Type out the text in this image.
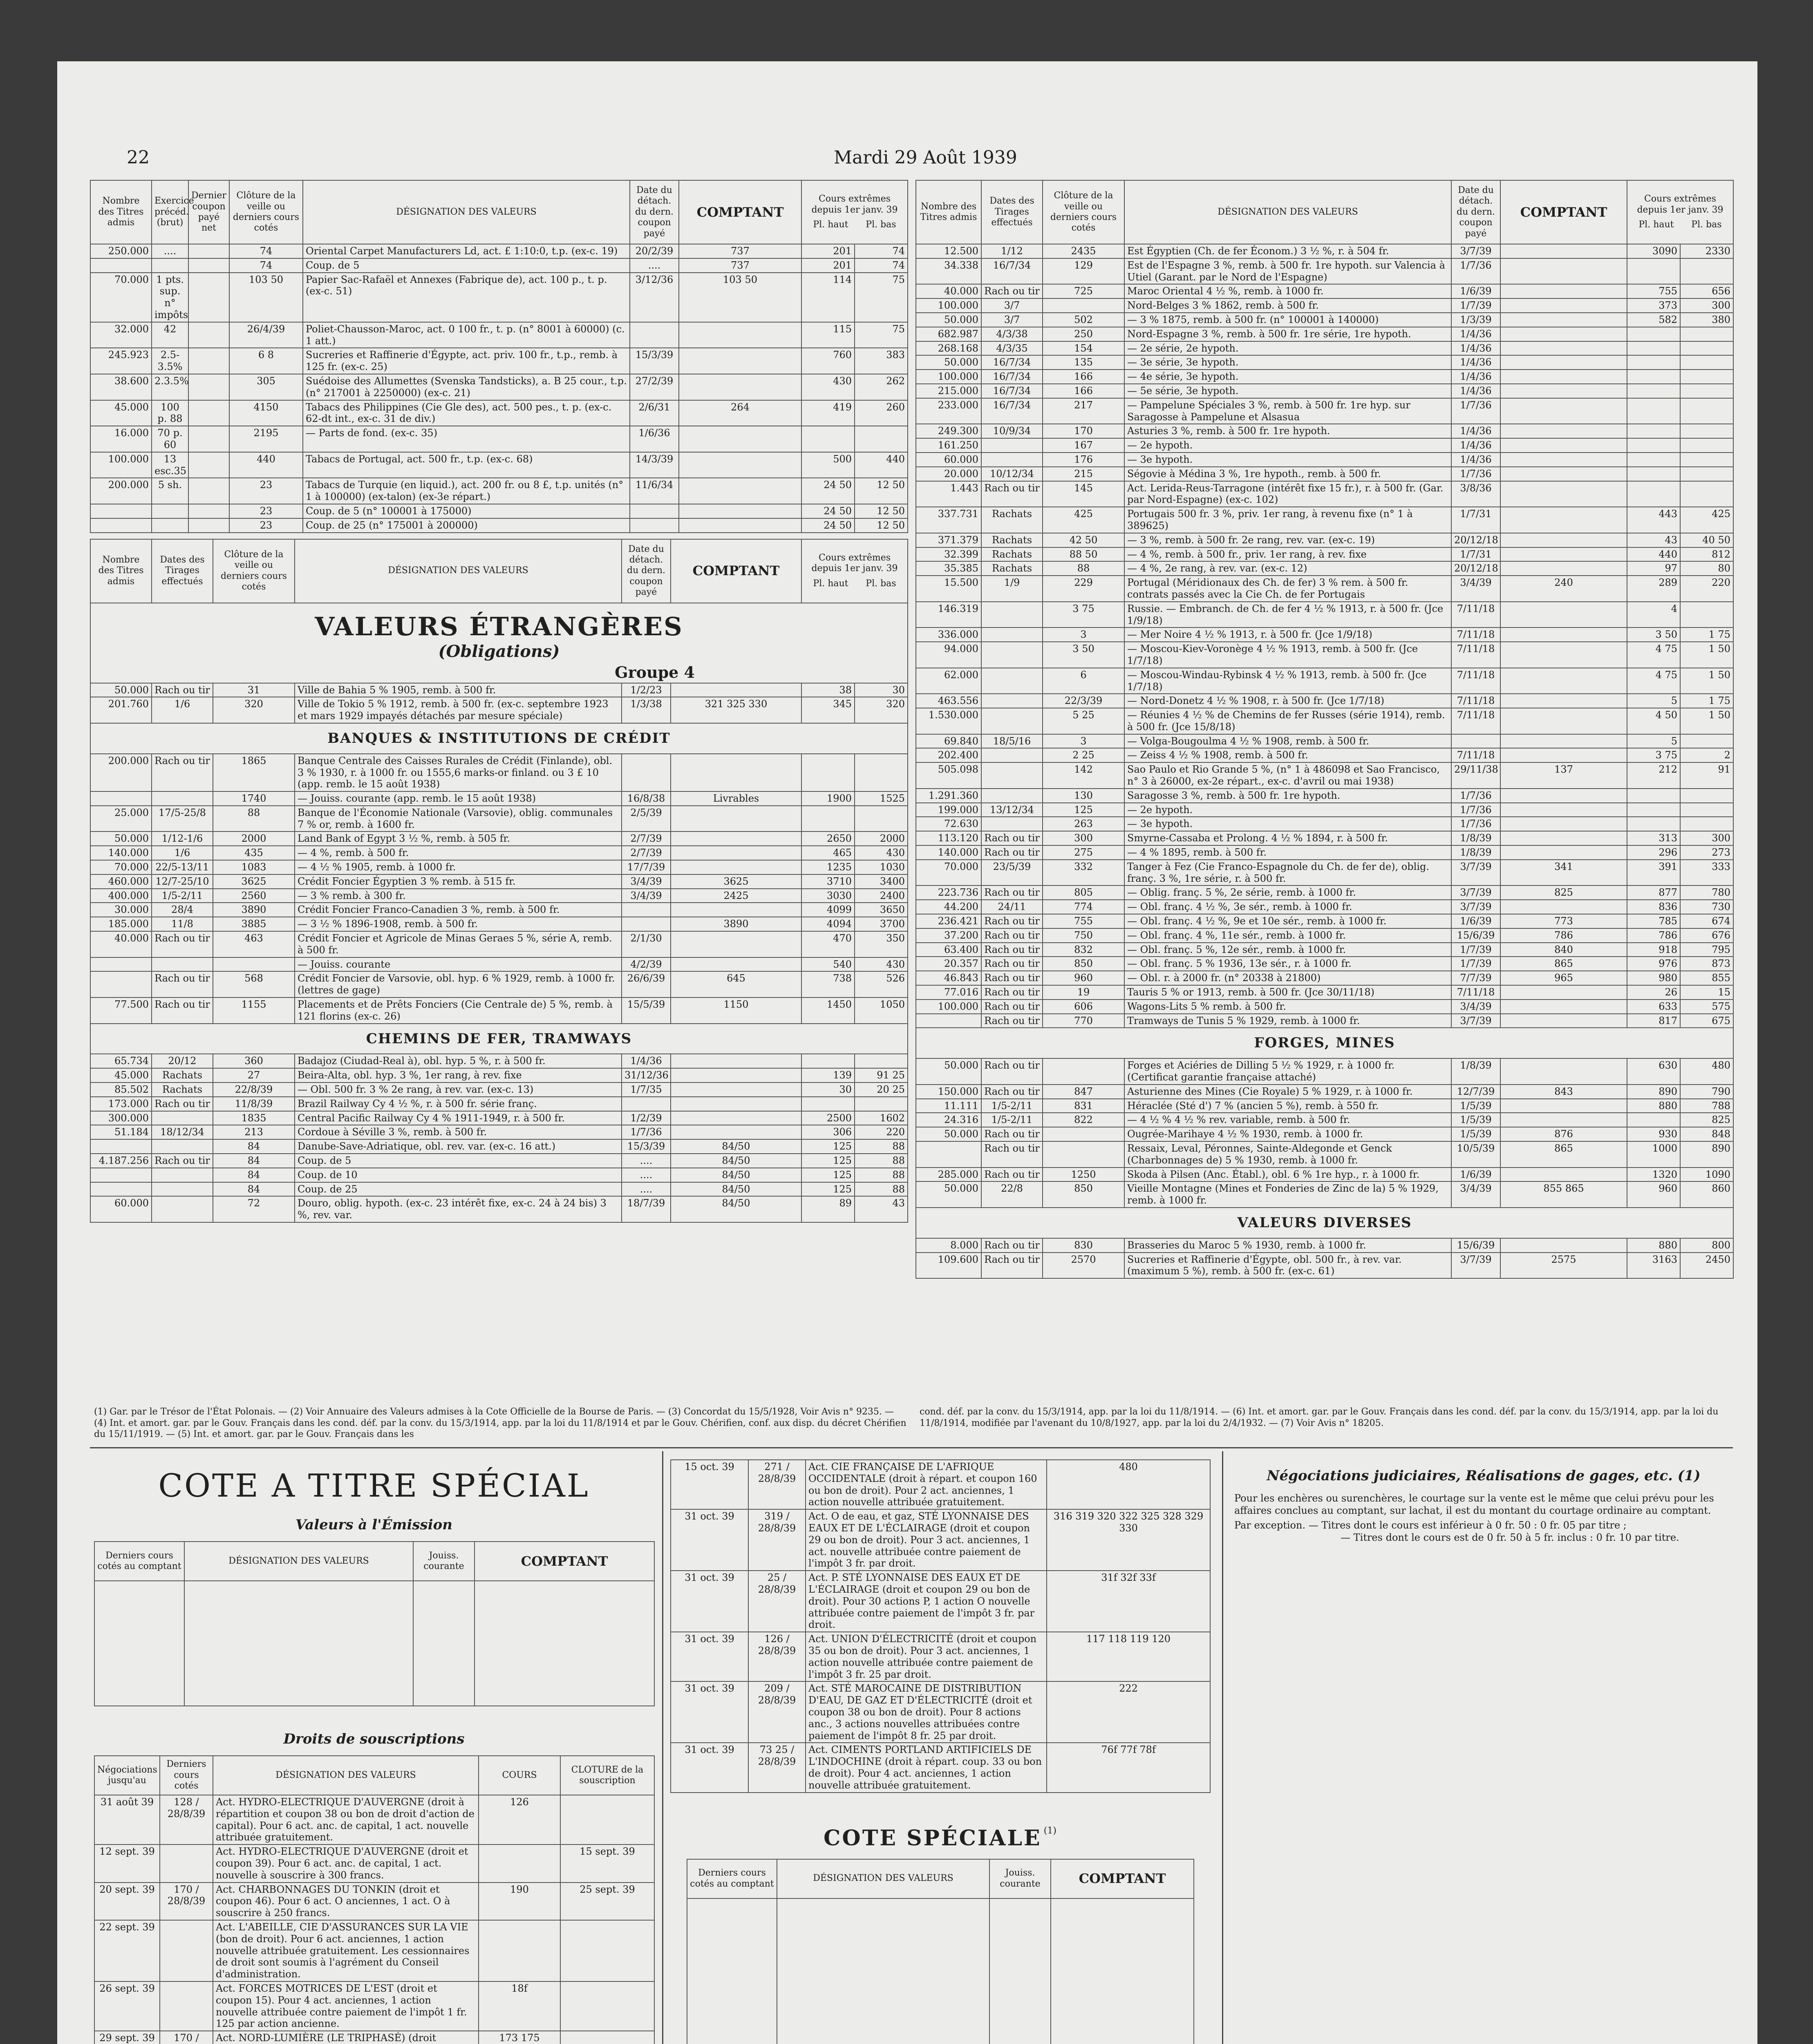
22	Mardi 29 Août 1939
Nombre des Titres admis	Exercice précéd. (brut)	Dernier coupon payé net	Clôture de la veille ou derniers cours cotés	DÉSIGNATION DES VALEURS	Date du détach. du dern. coupon payé	COMPTANT	Cours extrêmes depuis 1er janv. 39
Pl. haut Pl. bas	

250.000	....		74	Oriental Carpet Manufacturers Ld, act. £ 1:10:0, t.p. (ex-c. 19)	20/2/39	737	201	74
			74	Coup. de 5	....	737	201	74
70.000	1 pts. sup. n° impôts		103 50	Papier Sac-Rafaël et Annexes (Fabrique de), act. 100 p., t. p. (ex-c. 51)	3/12/36	103 50	114	75
32.000	42		26/4/39	Poliet-Chausson-Maroc, act. 0 100 fr., t. p. (n° 8001 à 60000) (c. 1 att.)			115	75
245.923	2.5-3.5%		6 8	Sucreries et Raffinerie d'Égypte, act. priv. 100 fr., t.p., remb. à 125 fr. (ex-c. 25)	15/3/39		760	383
38.600	2.3.5%		305	Suédoise des Allumettes (Svenska Tandsticks), a. B 25 cour., t.p. (n° 217001 à 2250000) (ex-c. 21)	27/2/39		430	262
45.000	100 p. 88		4150	Tabacs des Philippines (Cie Gle des), act. 500 pes., t. p. (ex-c. 62-dt int., ex-c. 31 de div.)	2/6/31	264	419	260
16.000	70 p. 60		2195	— Parts de fond. (ex-c. 35)	1/6/36			
100.000	13 esc.35		440	Tabacs de Portugal, act. 500 fr., t.p. (ex-c. 68)	14/3/39		500	440
200.000	5 sh.		23	Tabacs de Turquie (en liquid.), act. 200 fr. ou 8 £, t.p. unités (n° 1 à 100000) (ex-talon) (ex-3e répart.)	11/6/34		24 50	12 50
			23	Coup. de 5 (n° 100001 à 175000)			24 50	12 50
			23	Coup. de 25 (n° 175001 à 200000)			24 50	12 50
Nombre des Titres admis	Dates des Tirages effectués	Clôture de la veille ou derniers cours cotés	DÉSIGNATION DES VALEURS	Date du détach. du dern. coupon payé	COMPTANT	Cours extrêmes depuis 1er janv. 39
Pl. haut Pl. bas	

VALEURS ÉTRANGÈRES
(Obligations)							

Groupe 4							
50.000	Rach ou tir	31	Ville de Bahia 5 % 1905, remb. à 500 fr.	1/2/23		38	30
201.760	1/6	320	Ville de Tokio 5 % 1912, remb. à 500 fr. (ex-c. septembre 1923 et mars 1929 impayés détachés par mesure spéciale)	1/3/38	321 325 330	345	320
BANQUES & INSTITUTIONS DE CRÉDIT							
200.000	Rach ou tir	1865	Banque Centrale des Caisses Rurales de Crédit (Finlande), obl. 3 % 1930, r. à 1000 fr. ou 1555,6 marks-or finland. ou 3 £ 10 (app. remb. le 15 août 1938)				
		1740	— Jouiss. courante (app. remb. le 15 août 1938)	16/8/38	Livrables	1900	1525
25.000	17/5-25/8	88	Banque de l'Économie Nationale (Varsovie), oblig. communales 7 % or, remb. à 1600 fr.	2/5/39			
50.000	1/12-1/6	2000	Land Bank of Egypt 3 ½ %, remb. à 505 fr.	2/7/39		2650	2000
140.000	1/6	435	— 4 %, remb. à 500 fr.	2/7/39		465	430
70.000	22/5-13/11	1083	— 4 ½ % 1905, remb. à 1000 fr.	17/7/39		1235	1030
460.000	12/7-25/10	3625	Crédit Foncier Égyptien 3 % remb. à 515 fr.	3/4/39	3625	3710	3400
400.000	1/5-2/11	2560	— 3 % remb. à 300 fr.	3/4/39	2425	3030	2400
30.000	28/4	3890	Crédit Foncier Franco-Canadien 3 %, remb. à 500 fr.			4099	3650
185.000	11/8	3885	— 3 ½ % 1896-1908, remb. à 500 fr.		3890	4094	3700
40.000	Rach ou tir	463	Crédit Foncier et Agricole de Minas Geraes 5 %, série A, remb. à 500 fr.	2/1/30		470	350
			— Jouiss. courante	4/2/39		540	430
	Rach ou tir	568	Crédit Foncier de Varsovie, obl. hyp. 6 % 1929, remb. à 1000 fr. (lettres de gage)	26/6/39	645	738	526
77.500	Rach ou tir	1155	Placements et de Prêts Fonciers (Cie Centrale de) 5 %, remb. à 121 florins (ex-c. 26)	15/5/39	1150	1450	1050
CHEMINS DE FER, TRAMWAYS							
65.734	20/12	360	Badajoz (Ciudad-Real à), obl. hyp. 5 %, r. à 500 fr.	1/4/36			
45.000	Rachats	27	Beira-Alta, obl. hyp. 3 %, 1er rang, à rev. fixe	31/12/36		139	91 25
85.502	Rachats	22/8/39	— Obl. 500 fr. 3 % 2e rang, à rev. var. (ex-c. 13)	1/7/35		30	20 25
173.000	Rach ou tir	11/8/39	Brazil Railway Cy 4 ½ %, r. à 500 fr. série franç.				
300.000		1835	Central Pacific Railway Cy 4 % 1911-1949, r. à 500 fr.	1/2/39		2500	1602
51.184	18/12/34	213	Cordoue à Séville 3 %, remb. à 500 fr.	1/7/36		306	220
		84	Danube-Save-Adriatique, obl. rev. var. (ex-c. 16 att.)	15/3/39	84/50	125	88
4.187.256	Rach ou tir	84	Coup. de 5	....	84/50	125	88
		84	Coup. de 10	....	84/50	125	88
		84	Coup. de 25	....	84/50	125	88
60.000		72	Douro, oblig. hypoth. (ex-c. 23 intérêt fixe, ex-c. 24 à 24 bis) 3 %, rev. var.	18/7/39	84/50	89	43
Nombre des Titres admis	Dates des Tirages effectués	Clôture de la veille ou derniers cours cotés	DÉSIGNATION DES VALEURS	Date du détach. du dern. coupon payé	COMPTANT	Cours extrêmes depuis 1er janv. 39
Pl. haut Pl. bas	

12.500	1/12	2435	Est Égyptien (Ch. de fer Économ.) 3 ½ %, r. à 504 fr.	3/7/39		3090	2330
34.338	16/7/34	129	Est de l'Espagne 3 %, remb. à 500 fr. 1re hypoth. sur Valencia à Utiel (Garant. par le Nord de l'Espagne)	1/7/36			
40.000	Rach ou tir	725	Maroc Oriental 4 ½ %, remb. à 1000 fr.	1/6/39		755	656
100.000	3/7		Nord-Belges 3 % 1862, remb. à 500 fr.	1/7/39		373	300
50.000	3/7	502	— 3 % 1875, remb. à 500 fr. (n° 100001 à 140000)	1/3/39		582	380
682.987	4/3/38	250	Nord-Espagne 3 %, remb. à 500 fr. 1re série, 1re hypoth.	1/4/36			
268.168	4/3/35	154	— 2e série, 2e hypoth.	1/4/36			
50.000	16/7/34	135	— 3e série, 3e hypoth.	1/4/36			
100.000	16/7/34	166	— 4e série, 3e hypoth.	1/4/36			
215.000	16/7/34	166	— 5e série, 3e hypoth.	1/4/36			
233.000	16/7/34	217	— Pampelune Spéciales 3 %, remb. à 500 fr. 1re hyp. sur Saragosse à Pampelune et Alsasua	1/7/36			
249.300	10/9/34	170	Asturies 3 %, remb. à 500 fr. 1re hypoth.	1/4/36			
161.250		167	— 2e hypoth.	1/4/36			
60.000		176	— 3e hypoth.	1/4/36			
20.000	10/12/34	215	Ségovie à Médina 3 %, 1re hypoth., remb. à 500 fr.	1/7/36			
1.443	Rach ou tir	145	Act. Lerida-Reus-Tarragone (intérêt fixe 15 fr.), r. à 500 fr. (Gar. par Nord-Espagne) (ex-c. 102)	3/8/36			
337.731	Rachats	425	Portugais 500 fr. 3 %, priv. 1er rang, à revenu fixe (n° 1 à 389625)	1/7/31		443	425
371.379	Rachats	42 50	— 3 %, remb. à 500 fr. 2e rang, rev. var. (ex-c. 19)	20/12/18		43	40 50
32.399	Rachats	88 50	— 4 %, remb. à 500 fr., priv. 1er rang, à rev. fixe	1/7/31		440	812
35.385	Rachats	88	— 4 %, 2e rang, à rev. var. (ex-c. 12)	20/12/18		97	80
15.500	1/9	229	Portugal (Méridionaux des Ch. de fer) 3 % rem. à 500 fr. contrats passés avec la Cie Ch. de fer Portugais	3/4/39	240	289	220
146.319		3 75	Russie. — Embranch. de Ch. de fer 4 ½ % 1913, r. à 500 fr. (Jce 1/9/18)	7/11/18		4	
336.000		3	— Mer Noire 4 ½ % 1913, r. à 500 fr. (Jce 1/9/18)	7/11/18		3 50	1 75
94.000		3 50	— Moscou-Kiev-Voronège 4 ½ % 1913, remb. à 500 fr. (Jce 1/7/18)	7/11/18		4 75	1 50
62.000		6	— Moscou-Windau-Rybinsk 4 ½ % 1913, remb. à 500 fr. (Jce 1/7/18)	7/11/18		4 75	1 50
463.556		22/3/39	— Nord-Donetz 4 ½ % 1908, r. à 500 fr. (Jce 1/7/18)	7/11/18		5	1 75
1.530.000		5 25	— Réunies 4 ½ % de Chemins de fer Russes (série 1914), remb. à 500 fr. (Jce 15/8/18)	7/11/18		4 50	1 50
69.840	18/5/16	3	— Volga-Bougoulma 4 ½ % 1908, remb. à 500 fr.			5	
202.400		2 25	— Zeiss 4 ½ % 1908, remb. à 500 fr.	7/11/18		3 75	2
505.098		142	Sao Paulo et Rio Grande 5 %, (n° 1 à 486098 et Sao Francisco, n° 3 à 26000, ex-2e répart., ex-c. d'avril ou mai 1938)	29/11/38	137	212	91
1.291.360		130	Saragosse 3 %, remb. à 500 fr. 1re hypoth.	1/7/36			
199.000	13/12/34	125	— 2e hypoth.	1/7/36			
72.630		263	— 3e hypoth.	1/7/36			
113.120	Rach ou tir	300	Smyrne-Cassaba et Prolong. 4 ½ % 1894, r. à 500 fr.	1/8/39		313	300
140.000	Rach ou tir	275	— 4 % 1895, remb. à 500 fr.	1/8/39		296	273
70.000	23/5/39	332	Tanger à Fez (Cie Franco-Espagnole du Ch. de fer de), oblig. franç. 3 %, 1re série, r. à 500 fr.	3/7/39	341	391	333
223.736	Rach ou tir	805	— Oblig. franç. 5 %, 2e série, remb. à 1000 fr.	3/7/39	825	877	780
44.200	24/11	774	— Obl. franç. 4 ½ %, 3e sér., remb. à 1000 fr.	3/7/39		836	730
236.421	Rach ou tir	755	— Obl. franç. 4 ½ %, 9e et 10e sér., remb. à 1000 fr.	1/6/39	773	785	674
37.200	Rach ou tir	750	— Obl. franç. 4 %, 11e sér., remb. à 1000 fr.	15/6/39	786	786	676
63.400	Rach ou tir	832	— Obl. franç. 5 %, 12e sér., remb. à 1000 fr.	1/7/39	840	918	795
20.357	Rach ou tir	850	— Obl. franç. 5 % 1936, 13e sér., r. à 1000 fr.	1/7/39	865	976	873
46.843	Rach ou tir	960	— Obl. r. à 2000 fr. (n° 20338 à 21800)	7/7/39	965	980	855
77.016	Rach ou tir	19	Tauris 5 % or 1913, remb. à 500 fr. (Jce 30/11/18)	7/11/18		26	15
100.000	Rach ou tir	606	Wagons-Lits 5 % remb. à 500 fr.	3/4/39		633	575
	Rach ou tir	770	Tramways de Tunis 5 % 1929, remb. à 1000 fr.	3/7/39		817	675
FORGES, MINES							
50.000	Rach ou tir		Forges et Aciéries de Dilling 5 ½ % 1929, r. à 1000 fr. (Certificat garantie française attaché)	1/8/39		630	480
150.000	Rach ou tir	847	Asturienne des Mines (Cie Royale) 5 % 1929, r. à 1000 fr.	12/7/39	843	890	790
11.111	1/5-2/11	831	Héraclée (Sté d') 7 % (ancien 5 %), remb. à 550 fr.	1/5/39		880	788
24.316	1/5-2/11	822	— 4 ½ % 4 ½ % rev. variable, remb. à 500 fr.	1/5/39			825
50.000	Rach ou tir		Ougrée-Marihaye 4 ½ % 1930, remb. à 1000 fr.	1/5/39	876	930	848
	Rach ou tir		Ressaix, Leval, Péronnes, Sainte-Aldegonde et Genck (Charbonnages de) 5 % 1930, remb. à 1000 fr.	10/5/39	865	1000	890
285.000	Rach ou tir	1250	Skoda à Pilsen (Anc. Établ.), obl. 6 % 1re hyp., r. à 1000 fr.	1/6/39		1320	1090
50.000	22/8	850	Vieille Montagne (Mines et Fonderies de Zinc de la) 5 % 1929, remb. à 1000 fr.	3/4/39	855 865	960	860
VALEURS DIVERSES							
8.000	Rach ou tir	830	Brasseries du Maroc 5 % 1930, remb. à 1000 fr.	15/6/39		880	800
109.600	Rach ou tir	2570	Sucreries et Raffinerie d'Égypte, obl. 500 fr., à rev. var. (maximum 5 %), remb. à 500 fr. (ex-c. 61)	3/7/39	2575	3163	2450
(1) Gar. par le Trésor de l'État Polonais. — (2) Voir Annuaire des Valeurs admises à la Cote Officielle de la Bourse de Paris. — (3) Concordat du 15/5/1928, Voir Avis n° 9235. — (4) Int. et amort. gar. par le Gouv. Français dans les cond. déf. par la conv. du 15/3/1914, app. par la loi du 11/8/1914 et par le Gouv. Chérifien, conf. aux disp. du décret Chérifien du 15/11/1919. — (5) Int. et amort. gar. par le Gouv. Français dans les
cond. déf. par la conv. du 15/3/1914, app. par la loi du 11/8/1914. — (6) Int. et amort. gar. par le Gouv. Français dans les cond. déf. par la conv. du 15/3/1914, app. par la loi du 11/8/1914, modifiée par l'avenant du 10/8/1927, app. par la loi du 2/4/1932. — (7) Voir Avis n° 18205.
COTE A TITRE SPÉCIAL
Valeurs à l'Émission
Derniers cours cotés au comptant	DÉSIGNATION DES VALEURS	Jouiss. courante	COMPTANT

Droits de souscriptions
Négociations jusqu'au	Derniers cours cotés	DÉSIGNATION DES VALEURS	COURS	CLOTURE de la souscription
31 août 39	128 / 28/8/39	Act. HYDRO-ELECTRIQUE D'AUVERGNE (droit à répartition et coupon 38 ou bon de droit d'action de capital). Pour 6 act. anc. de capital, 1 act. nouvelle attribuée gratuitement.	126	
12 sept. 39		Act. HYDRO-ELECTRIQUE D'AUVERGNE (droit et coupon 39). Pour 6 act. anc. de capital, 1 act. nouvelle à souscrire à 300 francs.		15 sept. 39
20 sept. 39	170 / 28/8/39	Act. CHARBONNAGES DU TONKIN (droit et coupon 46). Pour 6 act. O anciennes, 1 act. O à souscrire à 250 francs.	190	25 sept. 39
22 sept. 39		Act. L'ABEILLE, CIE D'ASSURANCES SUR LA VIE (bon de droit). Pour 6 act. anciennes, 1 action nouvelle attribuée gratuitement. Les cessionnaires de droit sont soumis à l'agrément du Conseil d'administration.		
26 sept. 39		Act. FORCES MOTRICES DE L'EST (droit et coupon 15). Pour 4 act. anciennes, 1 action nouvelle attribuée contre paiement de l'impôt 1 fr. 125 par action ancienne.	18f	
29 sept. 39	170 /	Act. NORD-LUMIÈRE (LE TRIPHASÉ) (droit	173 175	
15 oct. 39	271 / 28/8/39	Act. CIE FRANÇAISE DE L'AFRIQUE OCCIDENTALE (droit à répart. et coupon 160 ou bon de droit). Pour 2 act. anciennes, 1 action nouvelle attribuée gratuitement.	480
31 oct. 39	319 / 28/8/39	Act. O de eau, et gaz, STÉ LYONNAISE DES EAUX ET DE L'ÉCLAIRAGE (droit et coupon 29 ou bon de droit). Pour 3 act. anciennes, 1 act. nouvelle attribuée contre paiement de l'impôt 3 fr. par droit.	316 319 320 322 325 328 329 330
31 oct. 39	25 / 28/8/39	Act. P. STÉ LYONNAISE DES EAUX ET DE L'ÉCLAIRAGE (droit et coupon 29 ou bon de droit). Pour 30 actions P, 1 action O nouvelle attribuée contre paiement de l'impôt 3 fr. par droit.	31f 32f 33f
31 oct. 39	126 / 28/8/39	Act. UNION D'ÉLECTRICITÉ (droit et coupon 35 ou bon de droit). Pour 3 act. anciennes, 1 action nouvelle attribuée contre paiement de l'impôt 3 fr. 25 par droit.	117 118 119 120
31 oct. 39	209 / 28/8/39	Act. STÉ MAROCAINE DE DISTRIBUTION D'EAU, DE GAZ ET D'ÉLECTRICITÉ (droit et coupon 38 ou bon de droit). Pour 8 actions anc., 3 actions nouvelles attribuées contre paiement de l'impôt 8 fr. 25 par droit.	222
31 oct. 39	73 25 / 28/8/39	Act. CIMENTS PORTLAND ARTIFICIELS DE L'INDOCHINE (droit à répart. coup. 33 ou bon de droit). Pour 4 act. anciennes, 1 action nouvelle attribuée gratuitement.	76f 77f 78f
COTE SPÉCIALE (1)
Derniers cours cotés au comptant	DÉSIGNATION DES VALEURS	Jouiss. courante	COMPTANT

Négociations judiciaires, Réalisations de gages, etc. (1)
Pour les enchères ou surenchères, le courtage sur la vente est le même que celui prévu pour les affaires conclues au comptant, sur lachat, il est du montant du courtage ordinaire au comptant.
Par exception. — Titres dont le cours est inférieur à 0 fr. 50 : 0 fr. 05 par titre ;
— Titres dont le cours est de 0 fr. 50 à 5 fr. inclus : 0 fr. 10 par titre.
